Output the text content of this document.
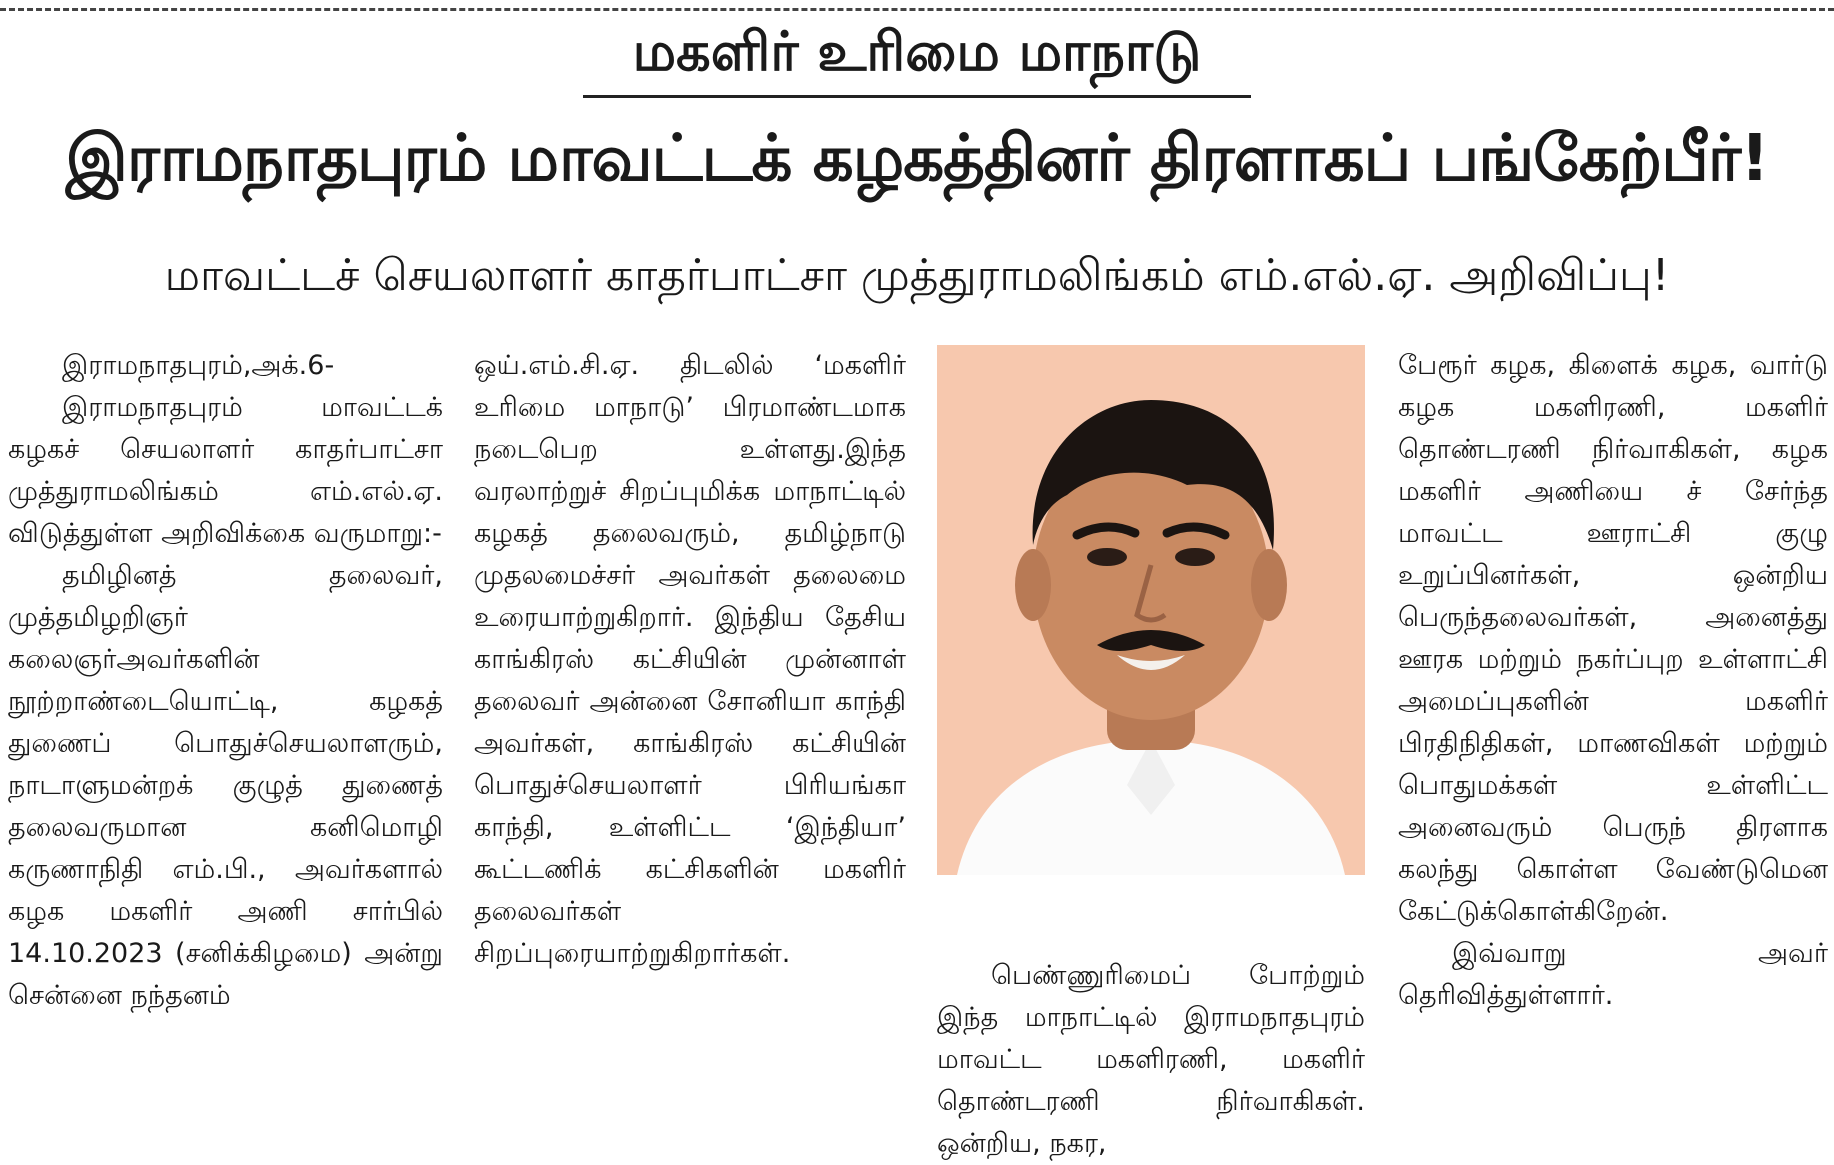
மகளிர் உரிமை மாநாடு
இராமநாதபுரம் மாவட்டக் கழகத்தினர் திரளாகப் பங்கேற்பீர்!
மாவட்டச் செயலாளர் காதர்பாட்சா முத்துராமலிங்கம் எம்.எல்.ஏ. அறிவிப்பு!

இராமநாதபுரம்,அக்.6-

இராமநாதபுரம் மாவட்டக் கழகச் செயலாளர் காதர்பாட்சா முத்துராமலிங்கம் எம்.எல்.ஏ. விடுத்துள்ள அறிவிக்கை வருமாறு:-

தமிழினத் தலைவர், முத்தமிழறிஞர் கலைஞர்அவர்களின் நூற்றாண்டையொட்டி, கழகத் துணைப் பொதுச்செயலாளரும், நாடாளுமன்றக் குழுத் துணைத் தலைவருமான கனிமொழி கருணாநிதி எம்.பி., அவர்களால் கழக மகளிர் அணி சார்பில் 14.10.2023 (சனிக்கிழமை) அன்று சென்னை நந்தனம்

ஒய்.எம்.சி.ஏ. திடலில் ‘மகளிர் உரிமை மாநாடு’ பிரமாண்டமாக நடைபெற உள்ளது.இந்த வரலாற்றுச் சிறப்புமிக்க மாநாட்டில் கழகத் தலைவரும், தமிழ்நாடு முதலமைச்சர் அவர்கள் தலைமை உரையாற்றுகிறார். இந்திய தேசிய காங்கிரஸ் கட்சியின் முன்னாள் தலைவர் அன்னை சோனியா காந்தி அவர்கள், காங்கிரஸ் கட்சியின் பொதுச்செயலாளர் பிரியங்கா காந்தி, உள்ளிட்ட ‘இந்தியா’ கூட்டணிக் கட்சிகளின் மகளிர் தலைவர்கள் சிறப்புரையாற்றுகிறார்கள்.

பெண்ணுரிமைப் போற்றும் இந்த மாநாட்டில் இராமநாதபுரம் மாவட்ட மகளிரணி, மகளிர் தொண்டரணி நிர்வாகிகள். ஒன்றிய, நகர,

பேரூர் கழக, கிளைக் கழக, வார்டு கழக மகளிரணி, மகளிர் தொண்டரணி நிர்வாகிகள், கழக மகளிர் அணியை ச் சேர்ந்த மாவட்ட ஊராட்சி குழு உறுப்பினர்கள், ஒன்றிய பெருந்தலைவர்கள், அனைத்து ஊரக மற்றும் நகர்ப்புற உள்ளாட்சி அமைப்புகளின் மகளிர் பிரதிநிதிகள், மாணவிகள் மற்றும் பொதுமக்கள் உள்ளிட்ட அனைவரும் பெருந் திரளாக கலந்து கொள்ள வேண்டுமென கேட்டுக்கொள்கிறேன்.

இவ்வாறு அவர் தெரிவித்துள்ளார்.
